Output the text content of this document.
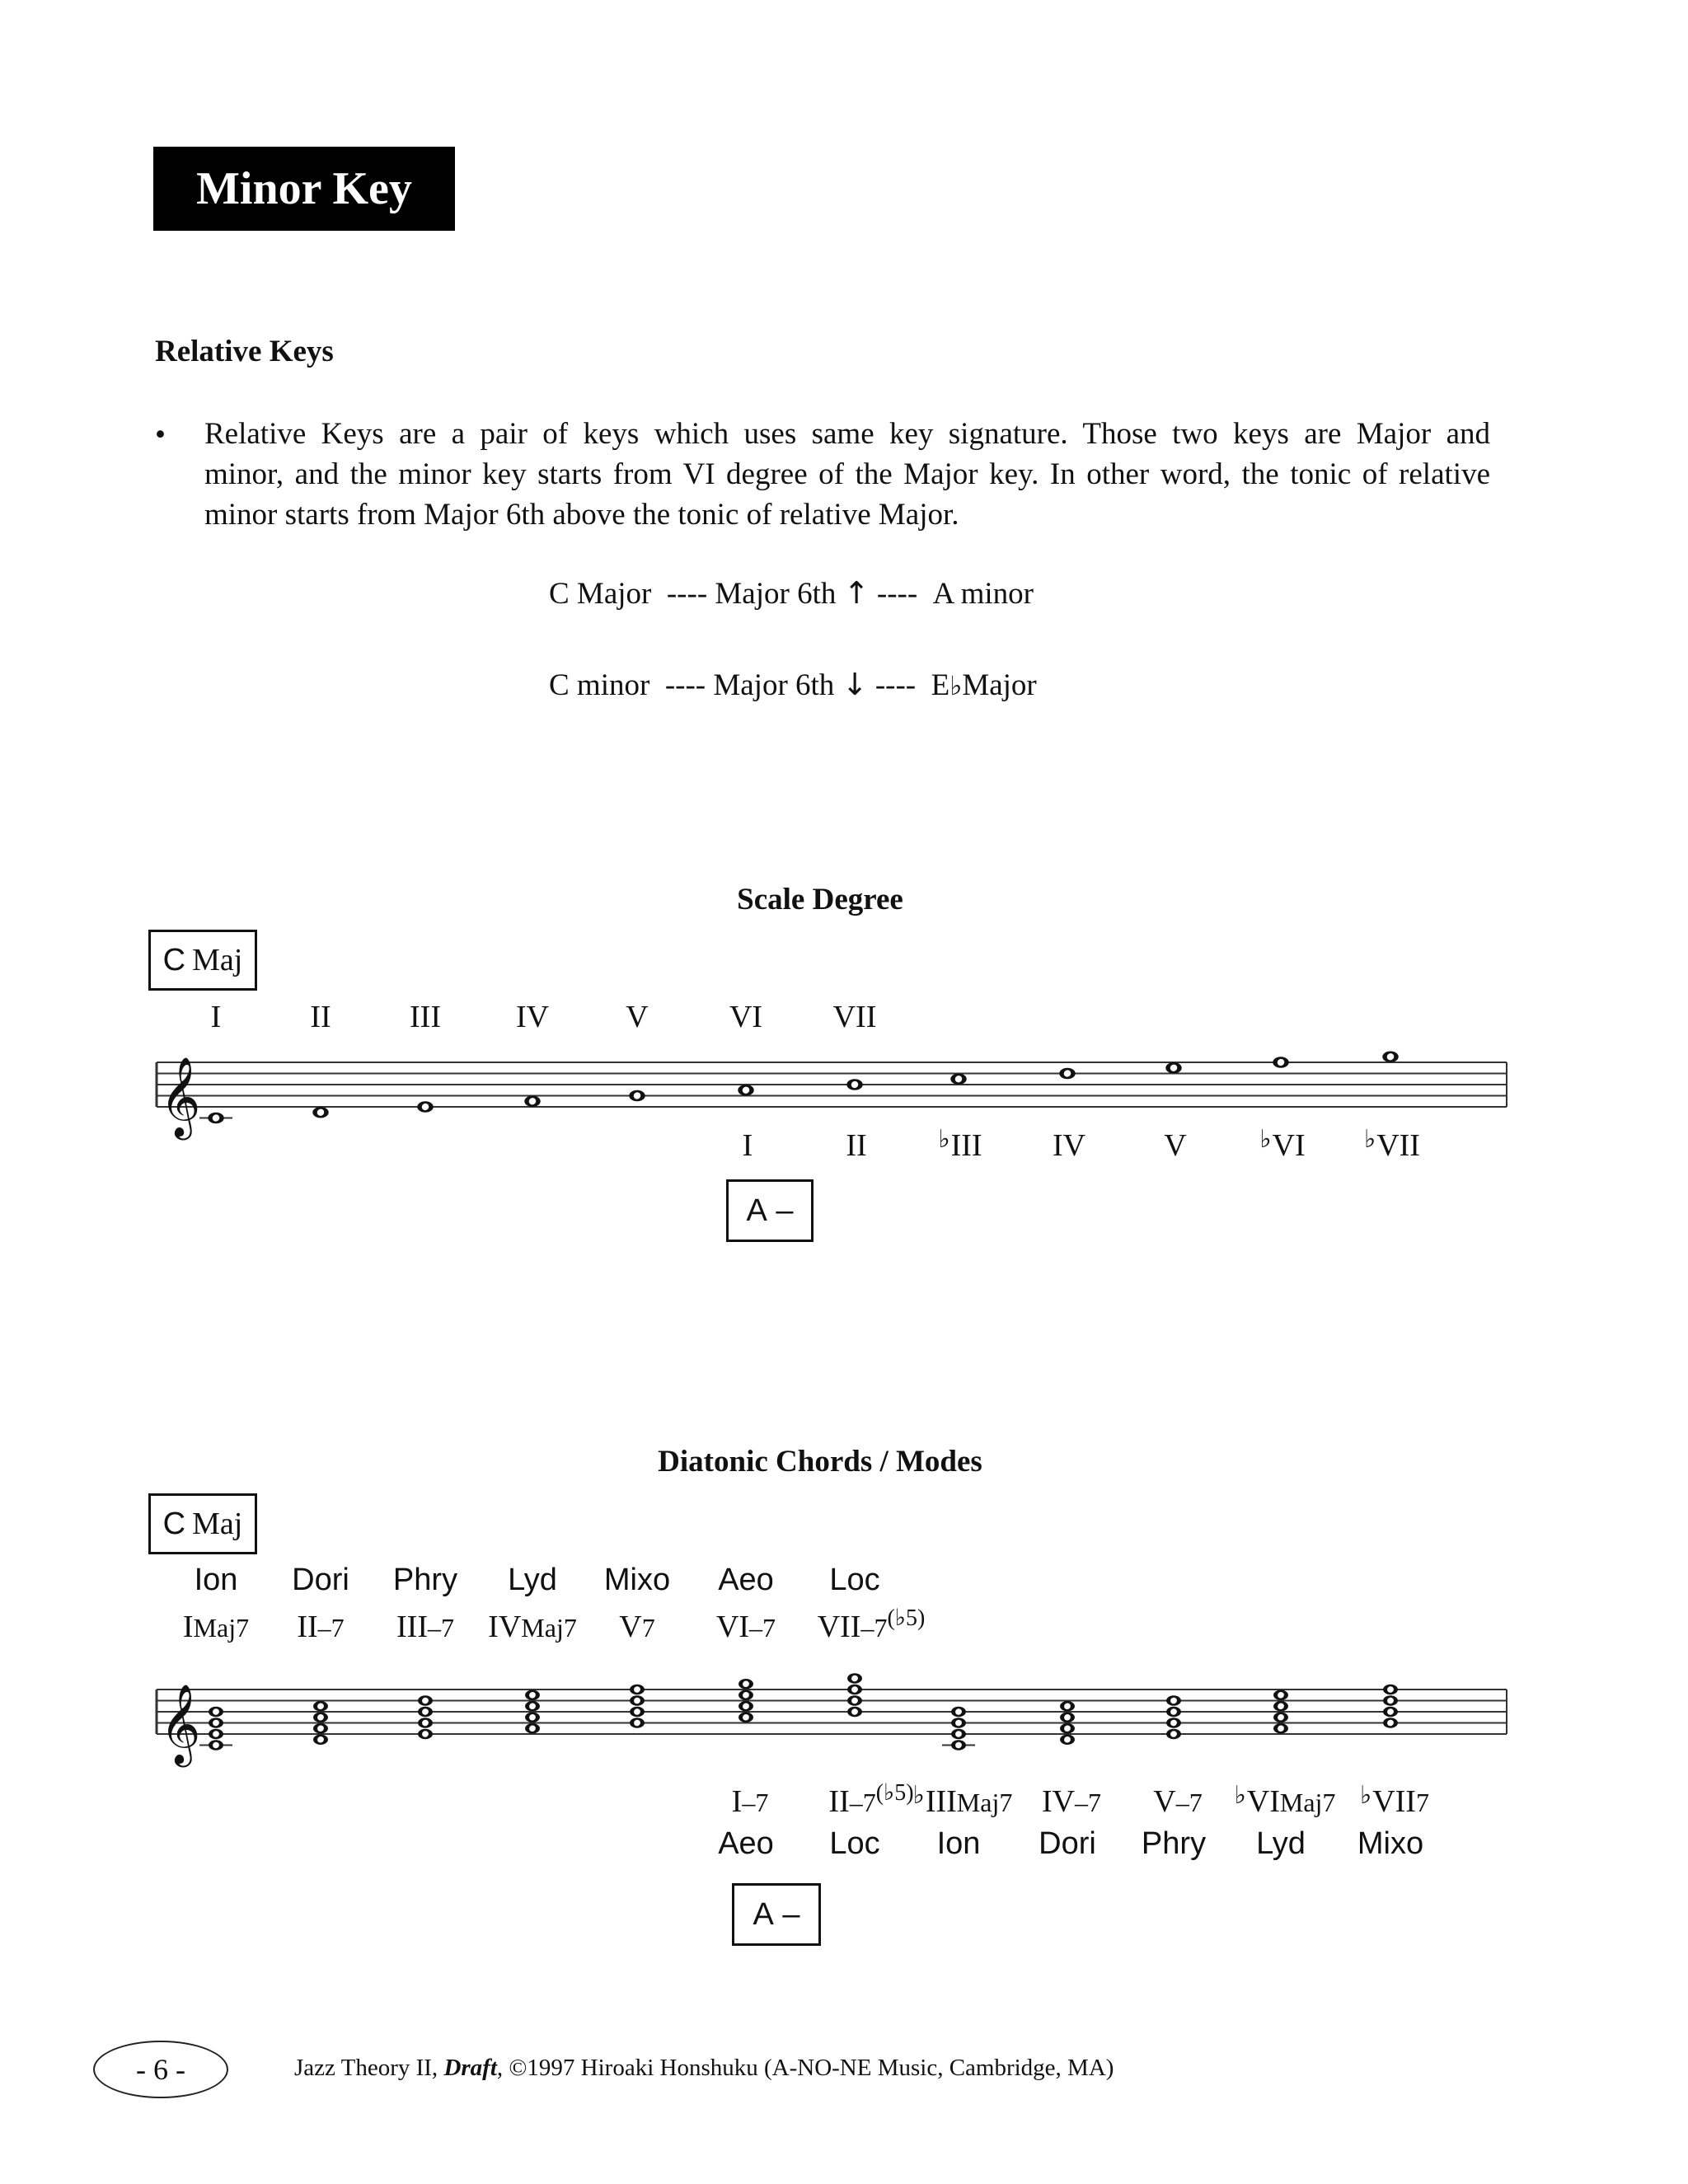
Minor Key
Relative Keys
• Relative Keys are a pair of keys which uses same key signature. Those two keys are Major and
minor, and the minor key starts from VI degree of the Major key. In other word, the tonic of relative
minor starts from Major 6th above the tonic of relative Major.
C Major ---- Major 6th ↑ ---- A minor
C minor ---- Major 6th ↓ ---- E♭Major
Scale Degree
C Maj
I	II	III IV V	VI VII
𝄞
𝄞
I	II	♭III IV	V	♭VI ♭VII
A
–
Diatonic Chords / Modes
C Maj
Ion Dori Phry Lyd Mixo Aeo Loc
IMaj7 II–7 III–7 IVMaj7 V7 VI–7 VII–$7^{(♭5)}$
I–7 $II-7^{(♭5)}$ ♭IIIMaj7 IV–7 V–7 ♭VIMaj7 ♭VII7
Aeo Loc Ion Dori Phry Lyd Mixo
A
–
- 6 -	Jazz Theory II, Draft, ©1997 Hiroaki Honshuku (A-NO-NE Music, Cambridge, MA)
